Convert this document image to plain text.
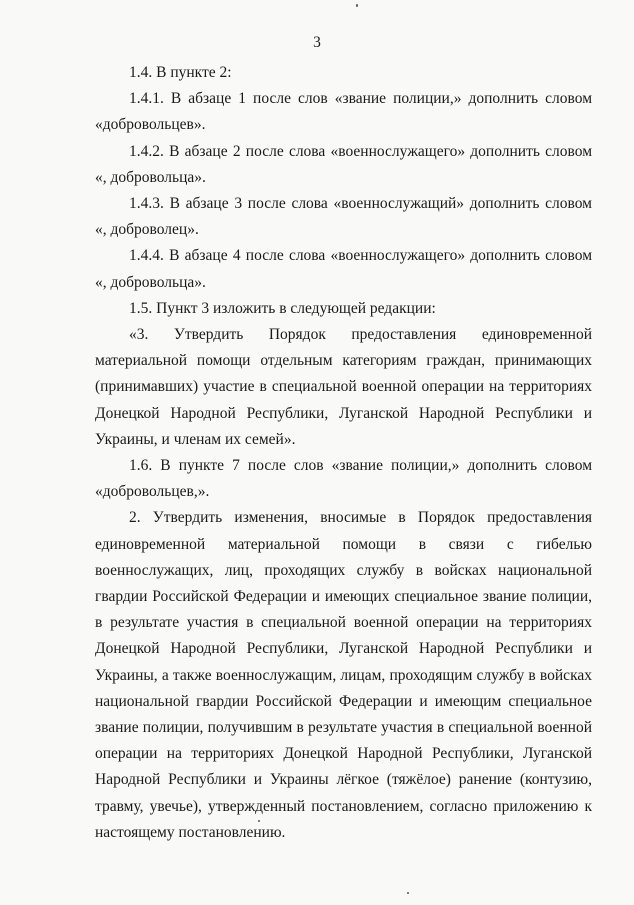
3

1.4. В пункте 2:

1.4.1. В абзаце 1 после слов «звание полиции,» дополнить словом «добровольцев».

1.4.2. В абзаце 2 после слова «военнослужащего» дополнить словом «, добровольца».

1.4.3. В абзаце 3 после слова «военнослужащий» дополнить словом «, доброволец».

1.4.4. В абзаце 4 после слова «военнослужащего» дополнить словом «, добровольца».

1.5. Пункт 3 изложить в следующей редакции:

«3. Утвердить Порядок предоставления единовременной материальной помощи отдельным категориям граждан, принимающих (принимавших) участие в специальной военной операции на территориях Донецкой Народной Республики, Луганской Народной Республики и Украины, и членам их семей».

1.6. В пункте 7 после слов «звание полиции,» дополнить словом «добровольцев,».

2. Утвердить изменения, вносимые в Порядок предоставления единовременной материальной помощи в связи с гибелью военнослужащих, лиц, проходящих службу в войсках национальной гвардии Российской Федерации и имеющих специальное звание полиции, в результате участия в специальной военной операции на территориях Донецкой Народной Республики, Луганской Народной Республики и Украины, а также военнослужащим, лицам, проходящим службу в войсках национальной гвардии Российской Федерации и имеющим специальное звание полиции, получившим в результате участия в специальной военной операции на территориях Донецкой Народной Республики, Луганской Народной Республики и Украины лёгкое (тяжёлое) ранение (контузию, травму, увечье), утвержденный постановлением, согласно приложению к настоящему постановлению.
